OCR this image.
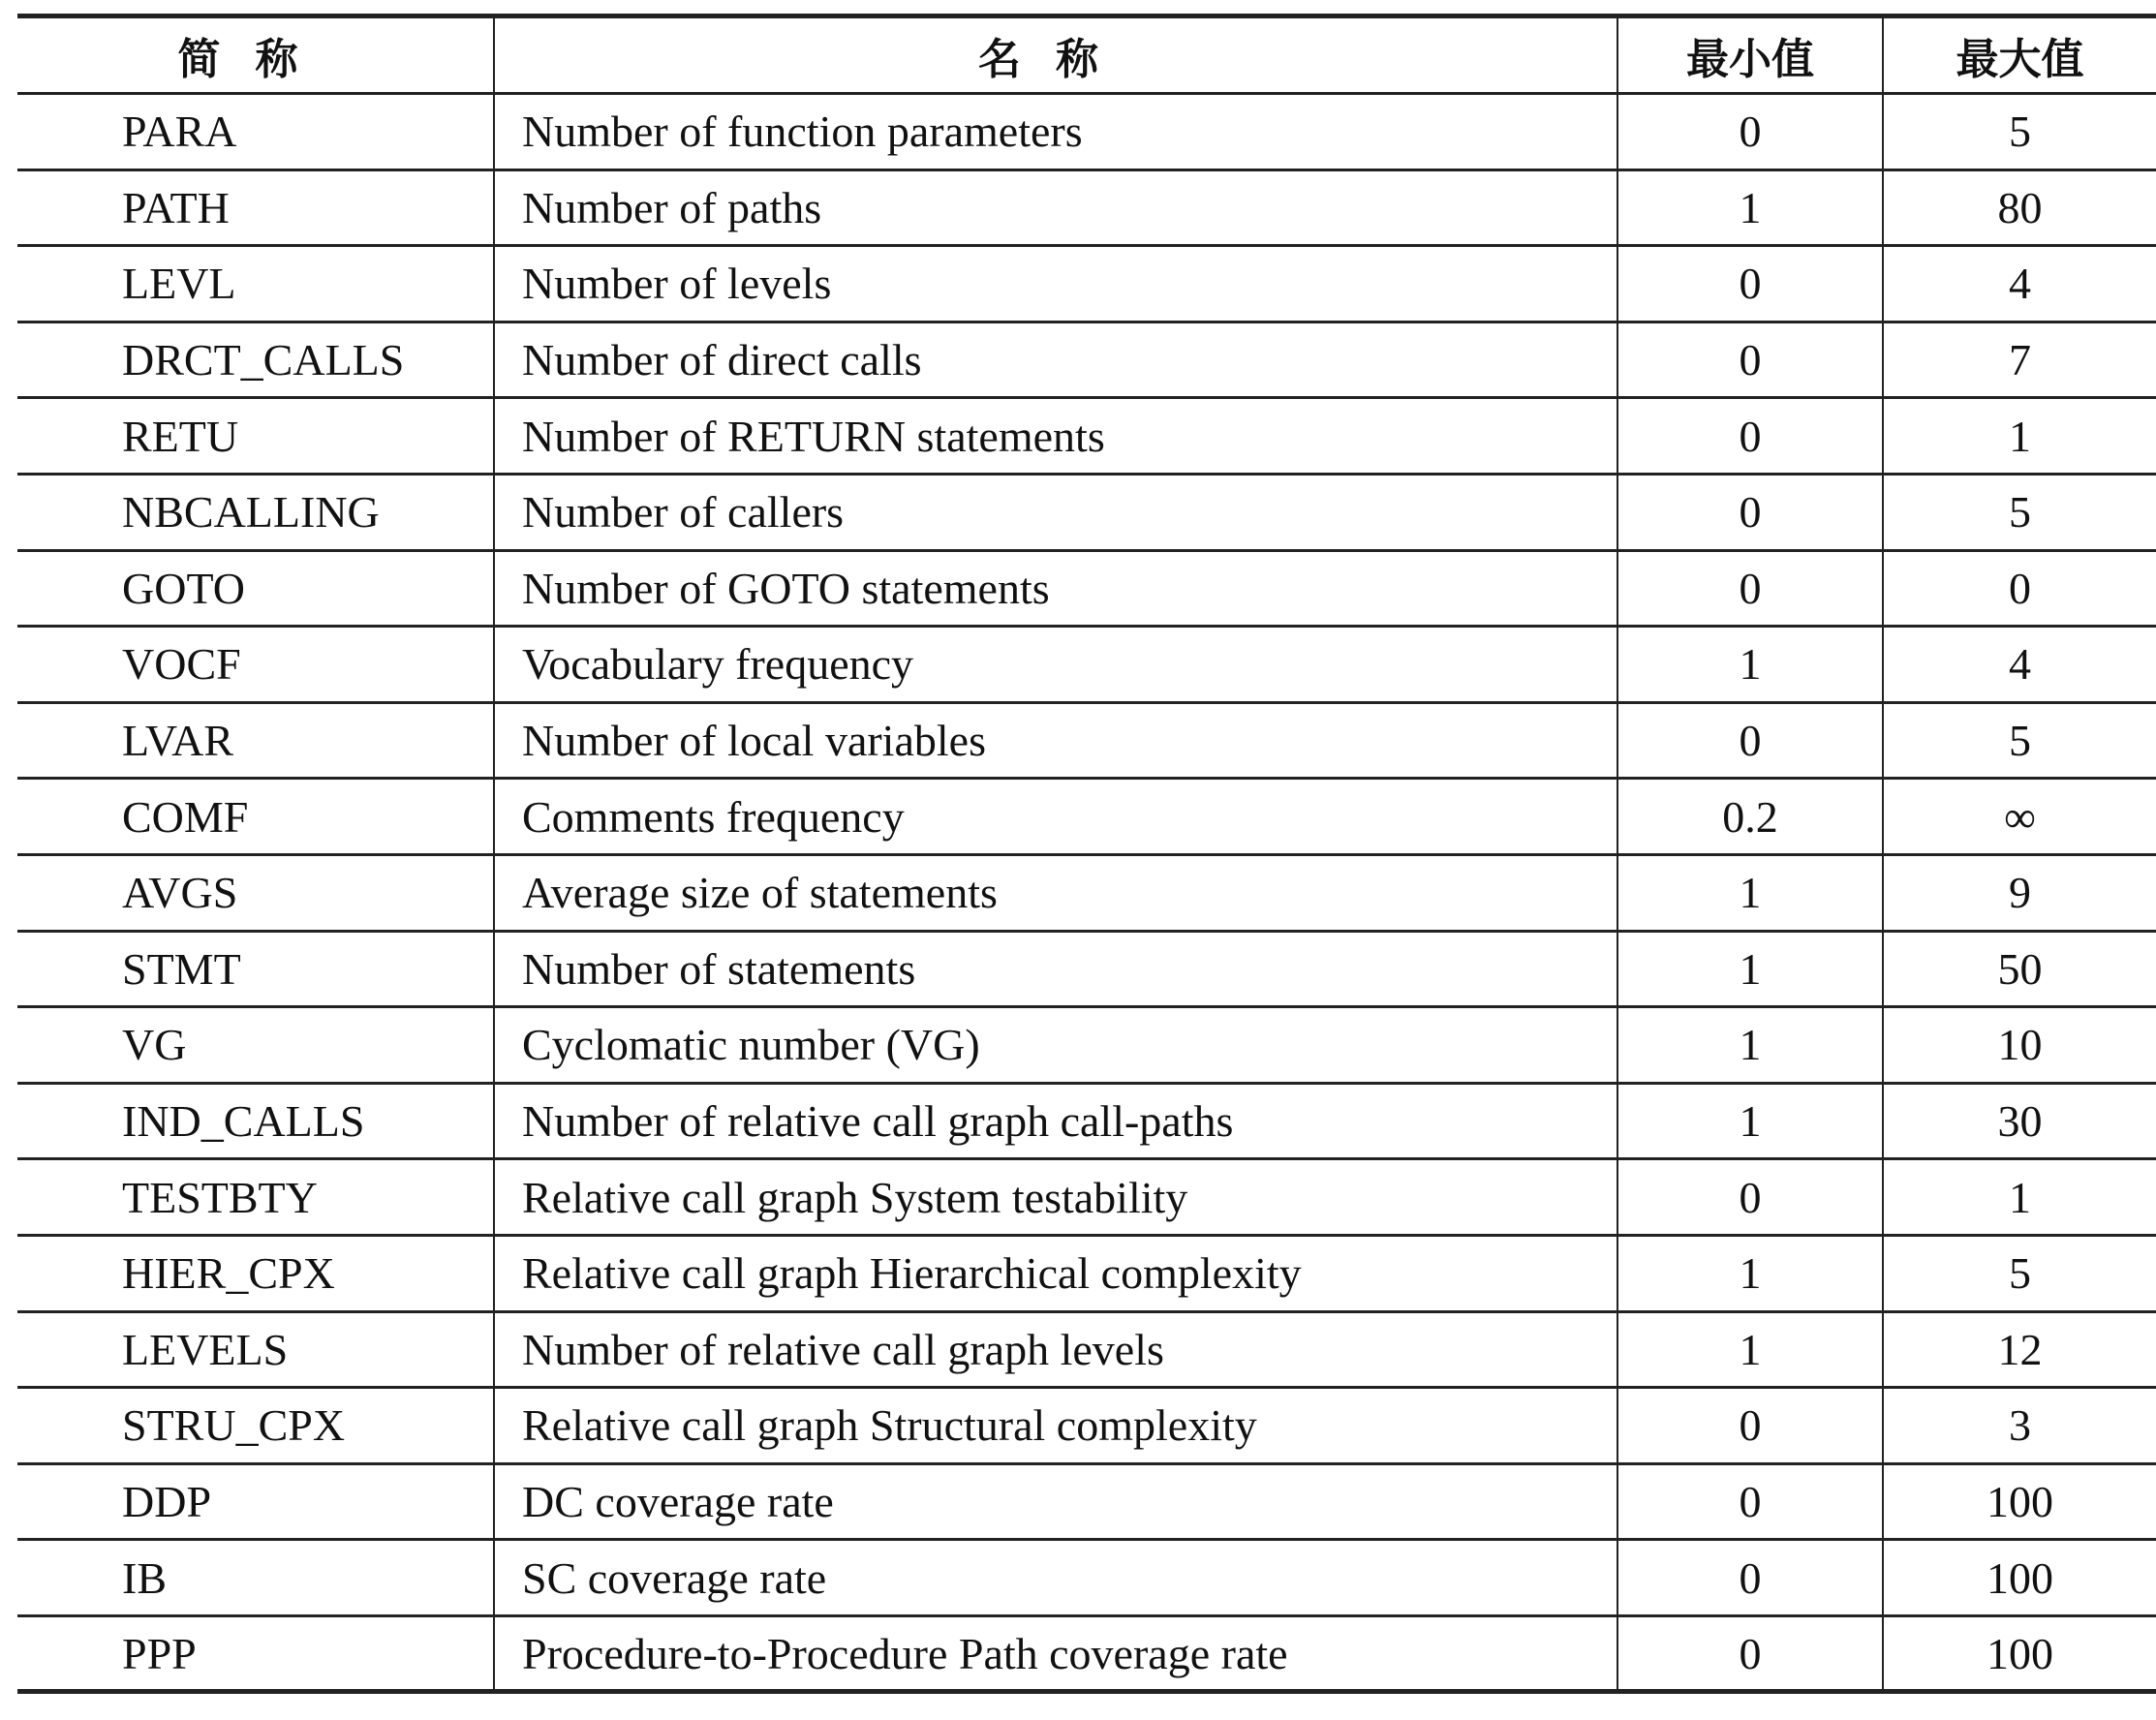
简称	名称	最小值	最大值
PARA	Number of function parameters	0	5
PATH	Number of paths	1	80
LEVL	Number of levels	0	4
DRCT_CALLS	Number of direct calls	0	7
RETU	Number of RETURN statements	0	1
NBCALLING	Number of callers	0	5
GOTO	Number of GOTO statements	0	0
VOCF	Vocabulary frequency	1	4
LVAR	Number of local variables	0	5
COMF	Comments frequency	0.2	∞
AVGS	Average size of statements	1	9
STMT	Number of statements	1	50
VG	Cyclomatic number (VG)	1	10
IND_CALLS	Number of relative call graph call-paths	1	30
TESTBTY	Relative call graph System testability	0	1
HIER_CPX	Relative call graph Hierarchical complexity	1	5
LEVELS	Number of relative call graph levels	1	12
STRU_CPX	Relative call graph Structural complexity	0	3
DDP	DC coverage rate	0	100
IB	SC coverage rate	0	100
PPP	Procedure-to-Procedure Path coverage rate	0	100
